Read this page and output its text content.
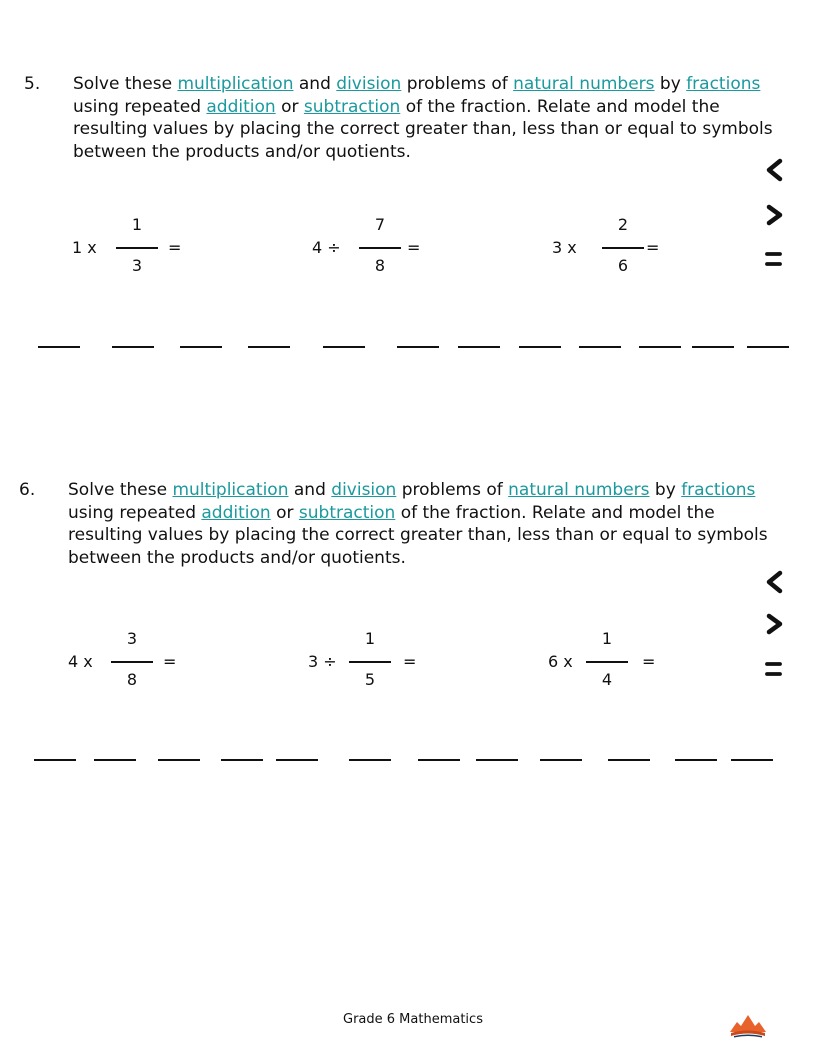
5. Solve these multiplication and division problems of natural numbers by fractions using repeated addition or subtraction of the fraction. Relate and model the resulting values by placing the correct greater than, less than or equal to symbols between the products and/or quotients.
1 x
1
3
=	4 ÷
7
8
=	3 x
2
6
=
6. Solve these multiplication and division problems of natural numbers by fractions using repeated addition or subtraction of the fraction. Relate and model the resulting values by placing the correct greater than, less than or equal to symbols between the products and/or quotients.
4 x
3
8
=	3 ÷
1
5
=	6 x
1
4
=
Grade 6 Mathematics
